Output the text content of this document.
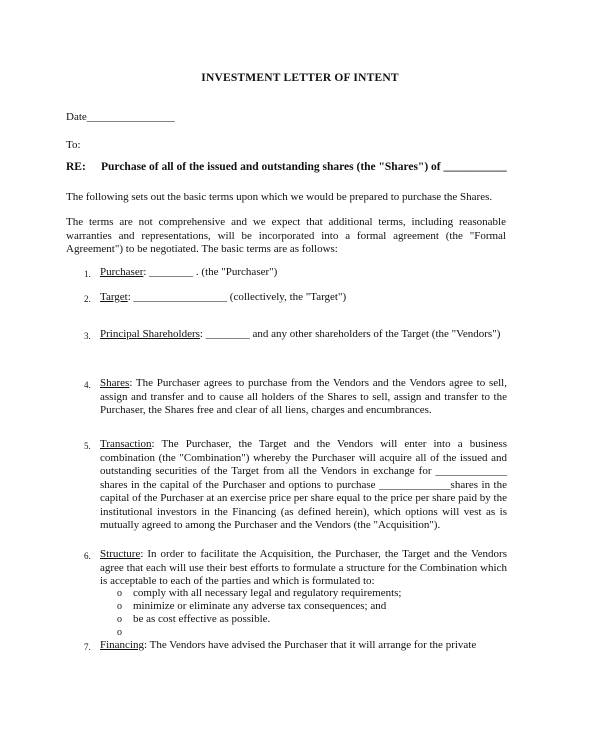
INVESTMENT LETTER OF INTENT
Date________________
To:
RE: Purchase of all of the issued and outstanding shares (the "Shares") of ___________
The following sets out the basic terms upon which we would be prepared to purchase the Shares.
The terms are not comprehensive and we expect that additional terms, including reasonable warranties and representations, will be incorporated into a formal agreement (the "Formal Agreement") to be negotiated. The basic terms are as follows:
1. Purchaser: ________ . (the "Purchaser")
2. Target: _________________ (collectively, the "Target")
3. Principal Shareholders: ________ and any other shareholders of the Target (the "Vendors")
4. Shares: The Purchaser agrees to purchase from the Vendors and the Vendors agree to sell, assign and transfer and to cause all holders of the Shares to sell, assign and transfer to the Purchaser, the Shares free and clear of all liens, charges and encumbrances.
5. Transaction: The Purchaser, the Target and the Vendors will enter into a business combination (the "Combination") whereby the Purchaser will acquire all of the issued and outstanding securities of the Target from all the Vendors in exchange for _____________ shares in the capital of the Purchaser and options to purchase _____________shares in the capital of the Purchaser at an exercise price per share equal to the price per share paid by the institutional investors in the Financing (as defined herein), which options will vest as is mutually agreed to among the Purchaser and the Vendors (the "Acquisition").
6. Structure: In order to facilitate the Acquisition, the Purchaser, the Target and the Vendors agree that each will use their best efforts to formulate a structure for the Combination which is acceptable to each of the parties and which is formulated to:
o comply with all necessary legal and regulatory requirements;
o minimize or eliminate any adverse tax consequences; and
o be as cost effective as possible.
o
7. Financing: The Vendors have advised the Purchaser that it will arrange for the private
